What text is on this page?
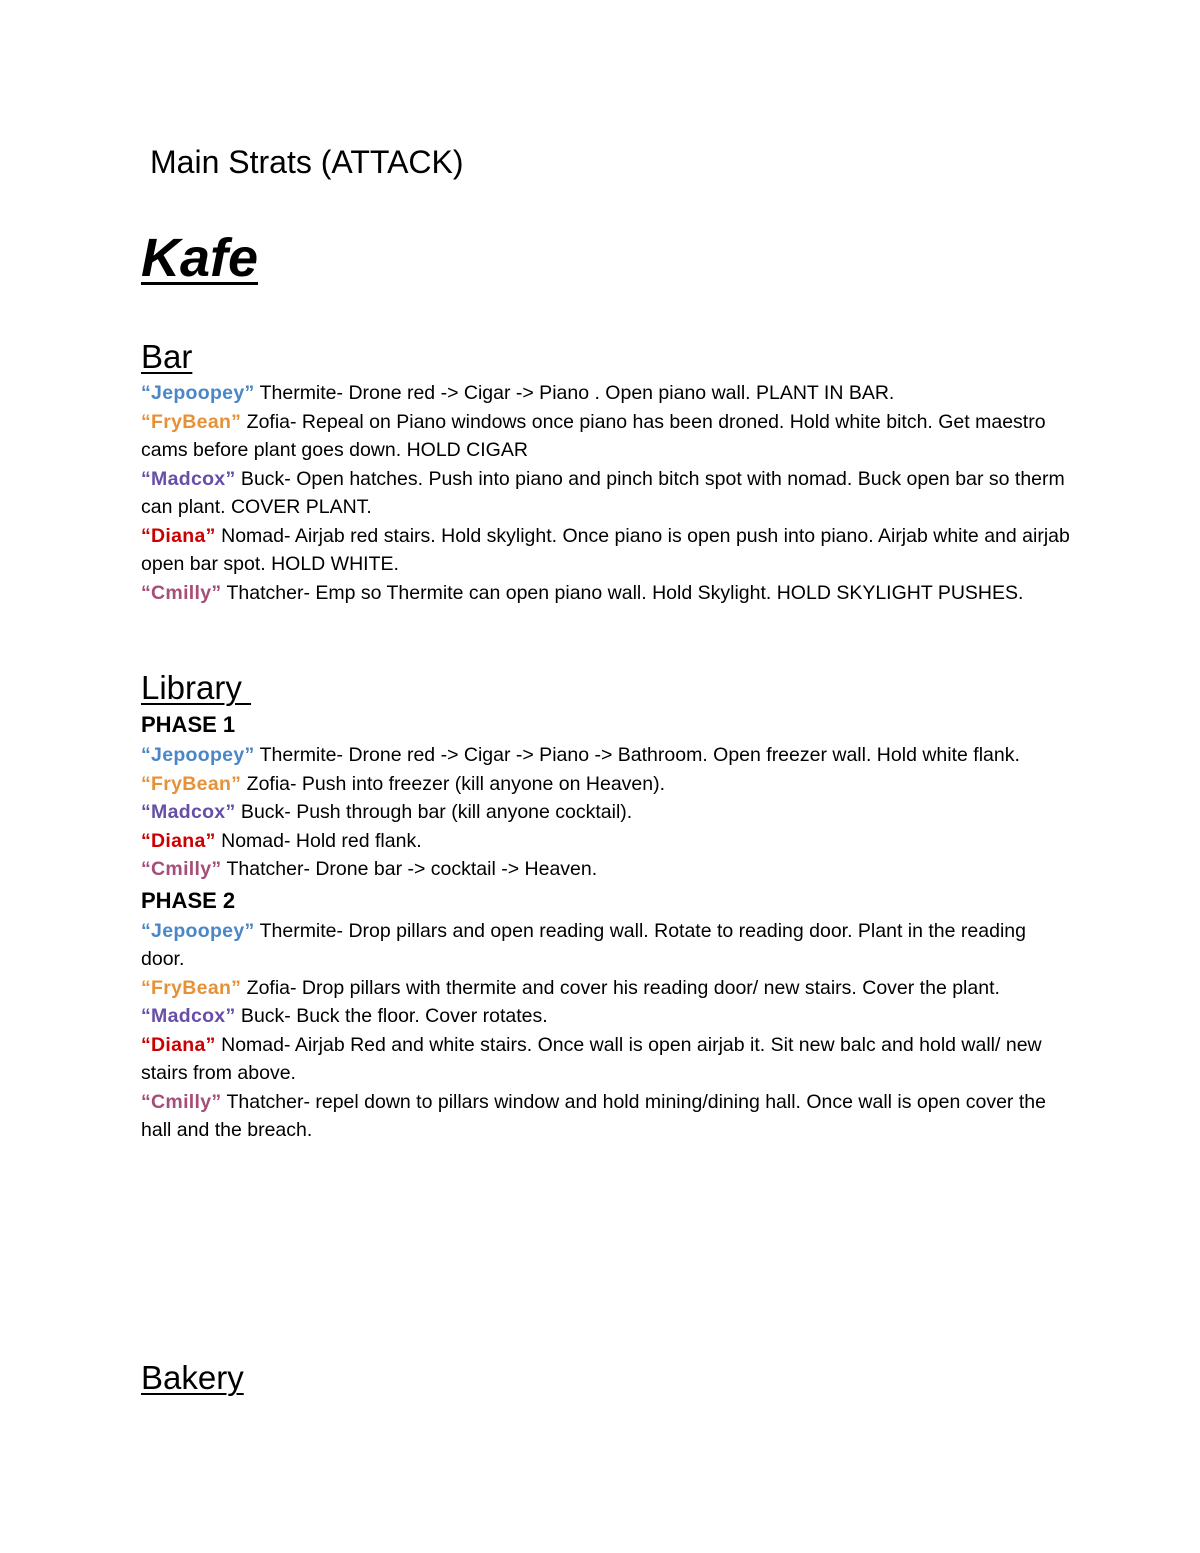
Main Strats (ATTACK)
Kafe
Bar

“Jepoopey” Thermite- Drone red -> Cigar -> Piano . Open piano wall. PLANT IN BAR.

“FryBean” Zofia- Repeal on Piano windows once piano has been droned. Hold white bitch. Get maestro cams before plant goes down. HOLD CIGAR

“Madcox” Buck- Open hatches. Push into piano and pinch bitch spot with nomad. Buck open bar so therm can plant. COVER PLANT.

“Diana” Nomad- Airjab red stairs. Hold skylight. Once piano is open push into piano. Airjab white and airjab open bar spot. HOLD WHITE.

“Cmilly” Thatcher- Emp so Thermite can open piano wall. Hold Skylight. HOLD SKYLIGHT PUSHES.

Library
PHASE 1

“Jepoopey” Thermite- Drone red -> Cigar -> Piano -> Bathroom. Open freezer wall. Hold white flank.

“FryBean” Zofia- Push into freezer (kill anyone on Heaven).

“Madcox” Buck- Push through bar (kill anyone cocktail).

“Diana” Nomad- Hold red flank.

“Cmilly” Thatcher- Drone bar -> cocktail -> Heaven.

PHASE 2

“Jepoopey” Thermite- Drop pillars and open reading wall. Rotate to reading door. Plant in the reading door.

“FryBean” Zofia- Drop pillars with thermite and cover his reading door/ new stairs. Cover the plant.

“Madcox” Buck- Buck the floor. Cover rotates.

“Diana” Nomad- Airjab Red and white stairs. Once wall is open airjab it. Sit new balc and hold wall/ new stairs from above.

“Cmilly” Thatcher- repel down to pillars window and hold mining/dining hall. Once wall is open cover the hall and the breach.

Bakery
